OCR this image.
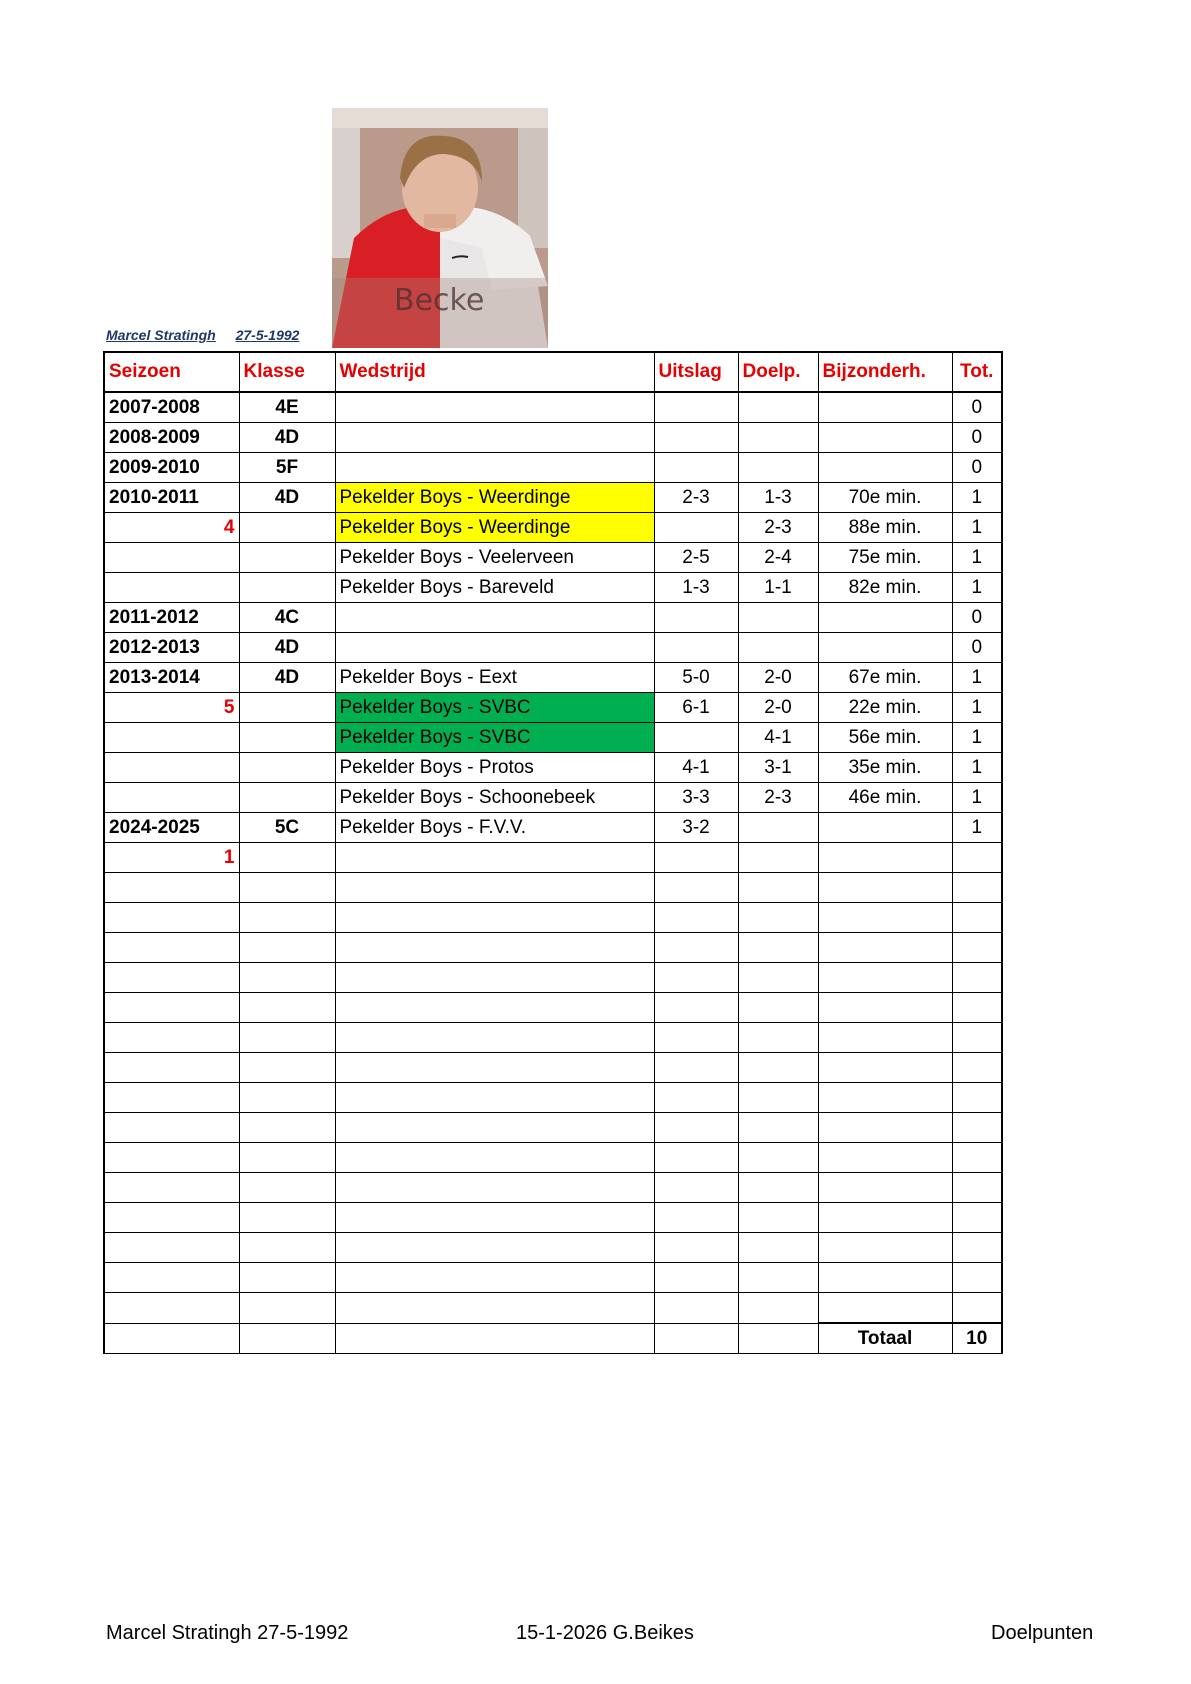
Becke
Marcel Stratingh 27-5-1992
Seizoen	Klasse	Wedstrijd	Uitslag	Doelp.	Bijzonderh.	Tot.
2007-2008	4E					0
2008-2009	4D					0
2009-2010	5F					0
2010-2011	4D	Pekelder Boys - Weerdinge	2-3	1-3	70e min.	1
4		Pekelder Boys - Weerdinge		2-3	88e min.	1
		Pekelder Boys - Veelerveen	2-5	2-4	75e min.	1
		Pekelder Boys - Bareveld	1-3	1-1	82e min.	1
2011-2012	4C					0
2012-2013	4D					0
2013-2014	4D	Pekelder Boys - Eext	5-0	2-0	67e min.	1
5		Pekelder Boys - SVBC	6-1	2-0	22e min.	1
		Pekelder Boys - SVBC		4-1	56e min.	1
		Pekelder Boys - Protos	4-1	3-1	35e min.	1
		Pekelder Boys - Schoonebeek	3-3	2-3	46e min.	1
2024-2025	5C	Pekelder Boys - F.V.V.	3-2			1
1						

					Totaal	10
Marcel Stratingh 27-5-1992	15-1-2026 G.Beikes	Doelpunten
